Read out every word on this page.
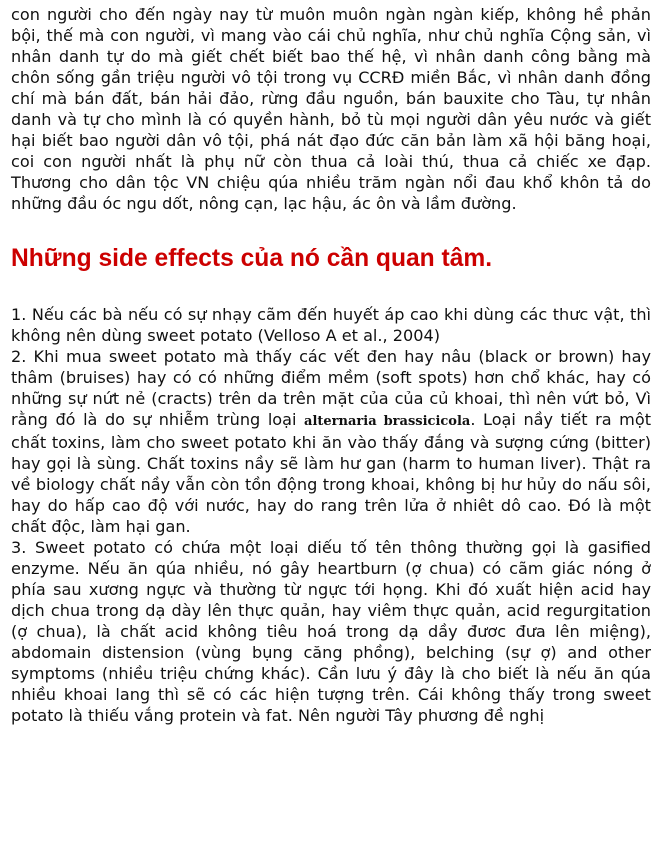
con người cho đến ngày nay từ muôn muôn ngàn ngàn kiếp, không hề phản bội, thế mà con người, vì mang vào cái chủ nghĩa, như chủ nghĩa Cộng sản, vì nhân danh tự do mà giết chết biết bao thế hệ, vì nhân danh công bằng mà chôn sống gần triệu người vô tội trong vụ CCRĐ miền Bắc, vì nhân danh đồng chí mà bán đất, bán hải đảo, rừng đầu nguồn, bán bauxite cho Tàu, tự nhân danh và tự cho mình là có quyền hành, bỏ tù mọi người dân yêu nước và giết hại biết bao người dân vô tội, phá nát đạo đức căn bản làm xã hội băng hoại, coi con người nhất là phụ nữ còn thua cả loài thú, thua cả chiếc xe đạp. Thương cho dân tộc VN chiệu qúa nhiều trăm ngàn nổi đau khổ khôn tả do những đầu óc ngu dốt, nông cạn, lạc hậu, ác ôn và lầm đường.

Những side effects của nó cần quan tâm.

1. Nếu các bà nếu có sự nhạy cãm đến huyết áp cao khi dùng các thưc vật, thì không nên dùng sweet potato (Velloso A et al., 2004)

2. Khi mua sweet potato mà thấy các vết đen hay nâu (black or brown) hay thâm (bruises) hay có có những điểm mềm (soft spots) hơn chổ khác, hay có những sự nứt nẻ (cracts) trên da trên mặt của của củ khoai, thì nên vứt bỏ, Vì rằng đó là do sự nhiễm trùng loại alternaria brassicicola. Loại nầy tiết ra một chất toxins, làm cho sweet potato khi ăn vào thấy đắng và sượng cứng (bitter) hay gọi là sùng. Chất toxins nầy sẽ làm hư gan (harm to human liver). Thật ra về biology chất nầy vẫn còn tồn động trong khoai, không bị hư hủy do nấu sôi, hay do hấp cao độ với nước, hay do rang trên lửa ở nhiêt dô cao. Đó là một chất độc, làm hại gan.

3. Sweet potato có chứa một loại diếu tố tên thông thường gọi là gasified enzyme. Nếu ăn qúa nhiều, nó gây heartburn (ợ chua) có cãm giác nóng ở phía sau xương ngực và thường từ ngực tới họng. Khi đó xuất hiện acid hay dịch chua trong dạ dày lên thực quản, hay viêm thực quản, acid regurgitation (ợ chua), là chất acid không tiêu hoá trong dạ dầy đươc đưa lên miệng), abdomain distension (vùng bụng căng phồng), belching (sự ợ) and other symptoms (nhiều triệu chứng khác). Cần lưu ý đây là cho biết là nếu ăn qúa nhiều khoai lang thì sẽ có các hiện tượng trên. Cái không thấy trong sweet potato là thiếu vắng protein và fat. Nên người Tây phương đề nghị
